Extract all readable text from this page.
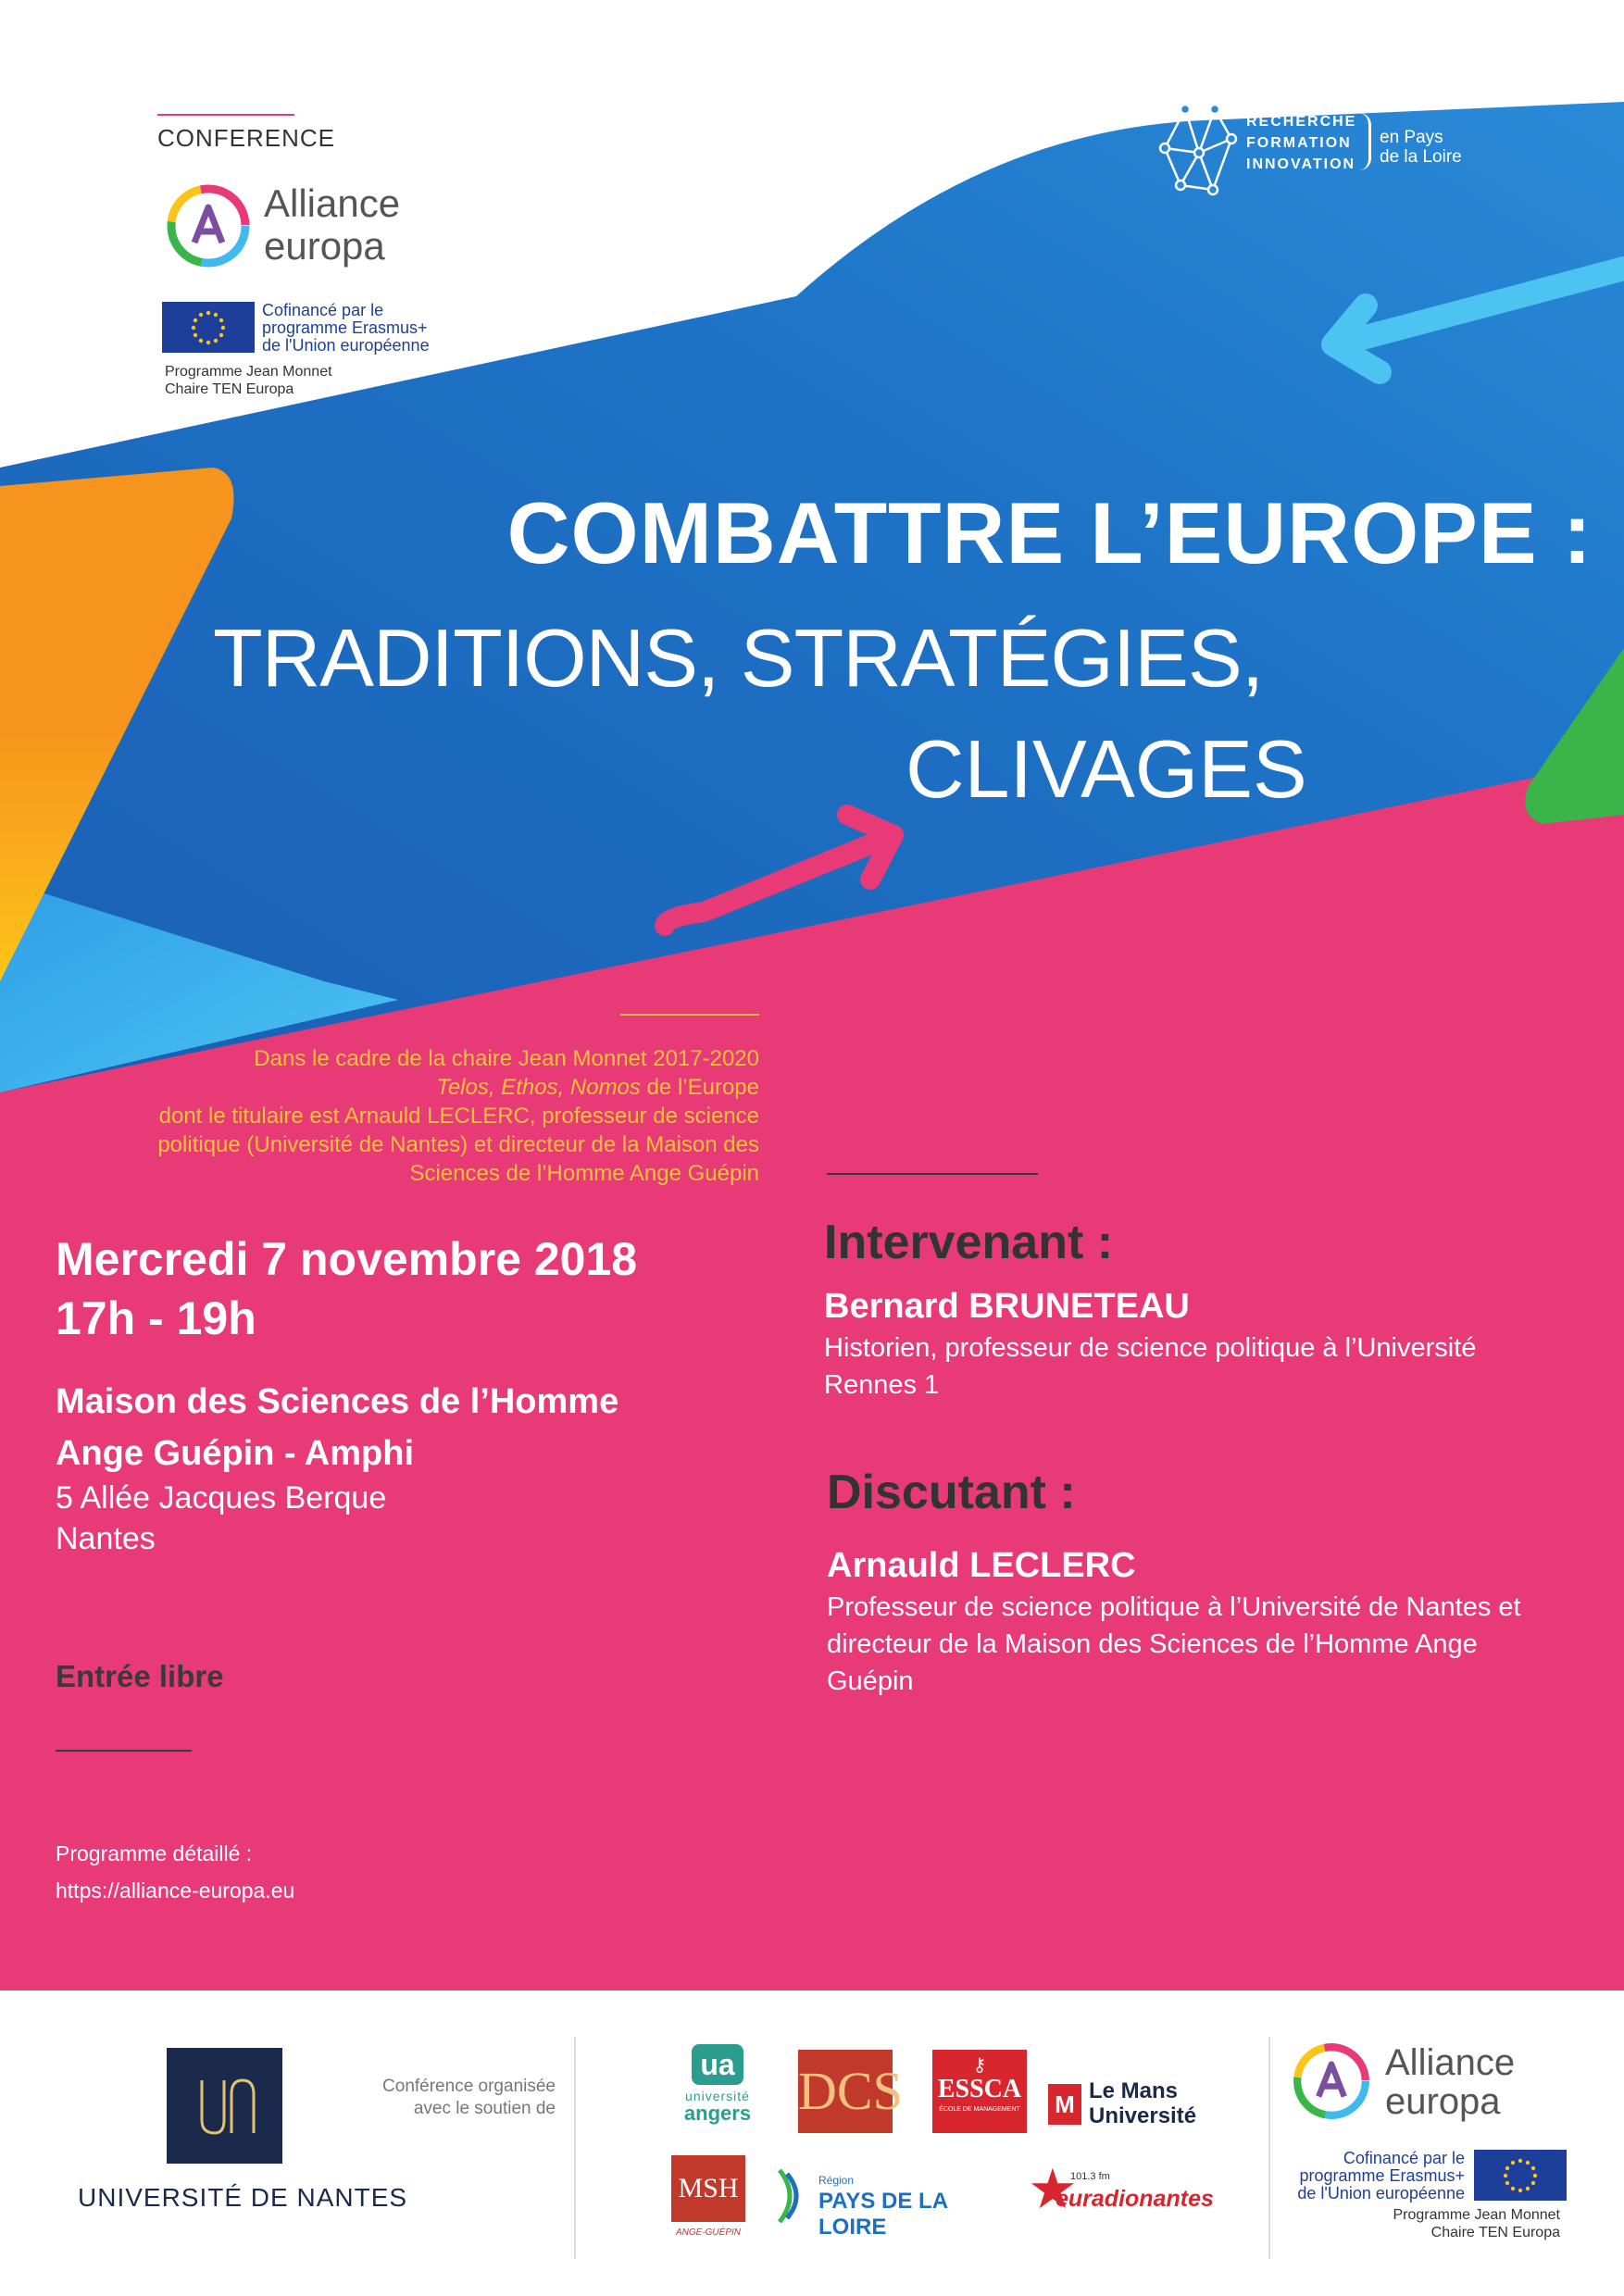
CONFERENCE
Alliance
europa
Cofinancé par le
programme Erasmus+
de l'Union européenne
Programme Jean Monnet
Chaire TEN Europa
RECHERCHE
FORMATION
INNOVATION
en Pays
de la Loire
COMBATTRE L’EUROPE :
TRADITIONS, STRATÉGIES,
CLIVAGES
Dans le cadre de la chaire Jean Monnet 2017-2020
Telos, Ethos, Nomos de l’Europe
dont le titulaire est Arnauld LECLERC, professeur de science
politique (Université de Nantes) et directeur de la Maison des
Sciences de l’Homme Ange Guépin
Mercredi 7 novembre 2018
17h - 19h
Maison des Sciences de l’Homme
Ange Guépin - Amphi
5 Allée Jacques Berque
Nantes
Entrée libre
Programme détaillé :
https://alliance-europa.eu
Intervenant :
Bernard BRUNETEAU
Historien, professeur de science politique à l’Université Rennes 1
Discutant :
Arnauld LECLERC
Professeur de science politique à l’Université de Nantes et directeur de la Maison des Sciences de l’Homme Ange Guépin
UNIVERSITÉ DE NANTES
Conférence organisée
avec le soutien de
ua
université
angers DCS	⚷
ESSCA
ÉCOLE DE MANAGEMENT M Le Mans
Université
MSH
ANGE-GUÉPIN
Région
PAYS DE LA LOIRE
★
101.3 fm
euradionantes
Alliance
europa
Cofinancé par le
programme Erasmus+
de l'Union européenne
Programme Jean Monnet
Chaire TEN Europa
